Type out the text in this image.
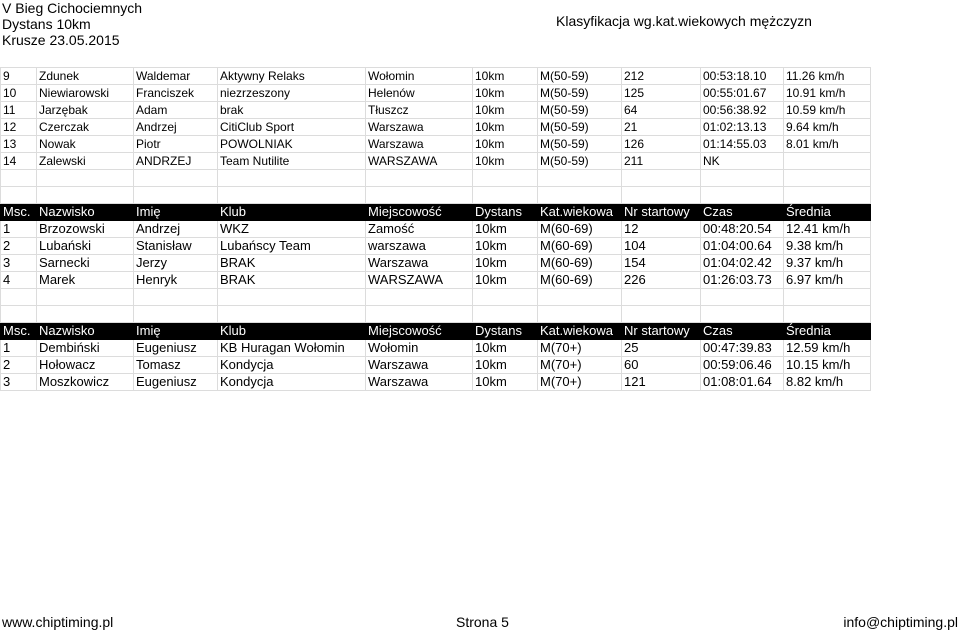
V Bieg Cichociemnych
Dystans 10km
Krusze 23.05.2015
Klasyfikacja wg.kat.wiekowych mężczyzn
9	Zdunek	Waldemar	Aktywny Relaks	Wołomin	10km	M(50-59)	212	00:53:18.10	11.26 km/h
10	Niewiarowski	Franciszek	niezrzeszony	Helenów	10km	M(50-59)	125	00:55:01.67	10.91 km/h
11	Jarzębak	Adam	brak	Tłuszcz	10km	M(50-59)	64	00:56:38.92	10.59 km/h
12	Czerczak	Andrzej	CitiClub Sport	Warszawa	10km	M(50-59)	21	01:02:13.13	9.64 km/h
13	Nowak	Piotr	POWOLNIAK	Warszawa	10km	M(50-59)	126	01:14:55.03	8.01 km/h
14	Zalewski	ANDRZEJ	Team Nutilite	WARSZAWA	10km	M(50-59)	211	NK	

Msc.	Nazwisko	Imię	Klub	Miejscowość	Dystans	Kat.wiekowa	Nr startowy	Czas	Średnia
1	Brzozowski	Andrzej	WKZ	Zamość	10km	M(60-69)	12	00:48:20.54	12.41 km/h
2	Lubański	Stanisław	Lubańscy Team	warszawa	10km	M(60-69)	104	01:04:00.64	9.38 km/h
3	Sarnecki	Jerzy	BRAK	Warszawa	10km	M(60-69)	154	01:04:02.42	9.37 km/h
4	Marek	Henryk	BRAK	WARSZAWA	10km	M(60-69)	226	01:26:03.73	6.97 km/h

Msc.	Nazwisko	Imię	Klub	Miejscowość	Dystans	Kat.wiekowa	Nr startowy	Czas	Średnia
1	Dembiński	Eugeniusz	KB Huragan Wołomin	Wołomin	10km	M(70+)	25	00:47:39.83	12.59 km/h
2	Hołowacz	Tomasz	Kondycja	Warszawa	10km	M(70+)	60	00:59:06.46	10.15 km/h
3	Moszkowicz	Eugeniusz	Kondycja	Warszawa	10km	M(70+)	121	01:08:01.64	8.82 km/h
www.chiptiming.pl	Strona 5	info@chiptiming.pl
